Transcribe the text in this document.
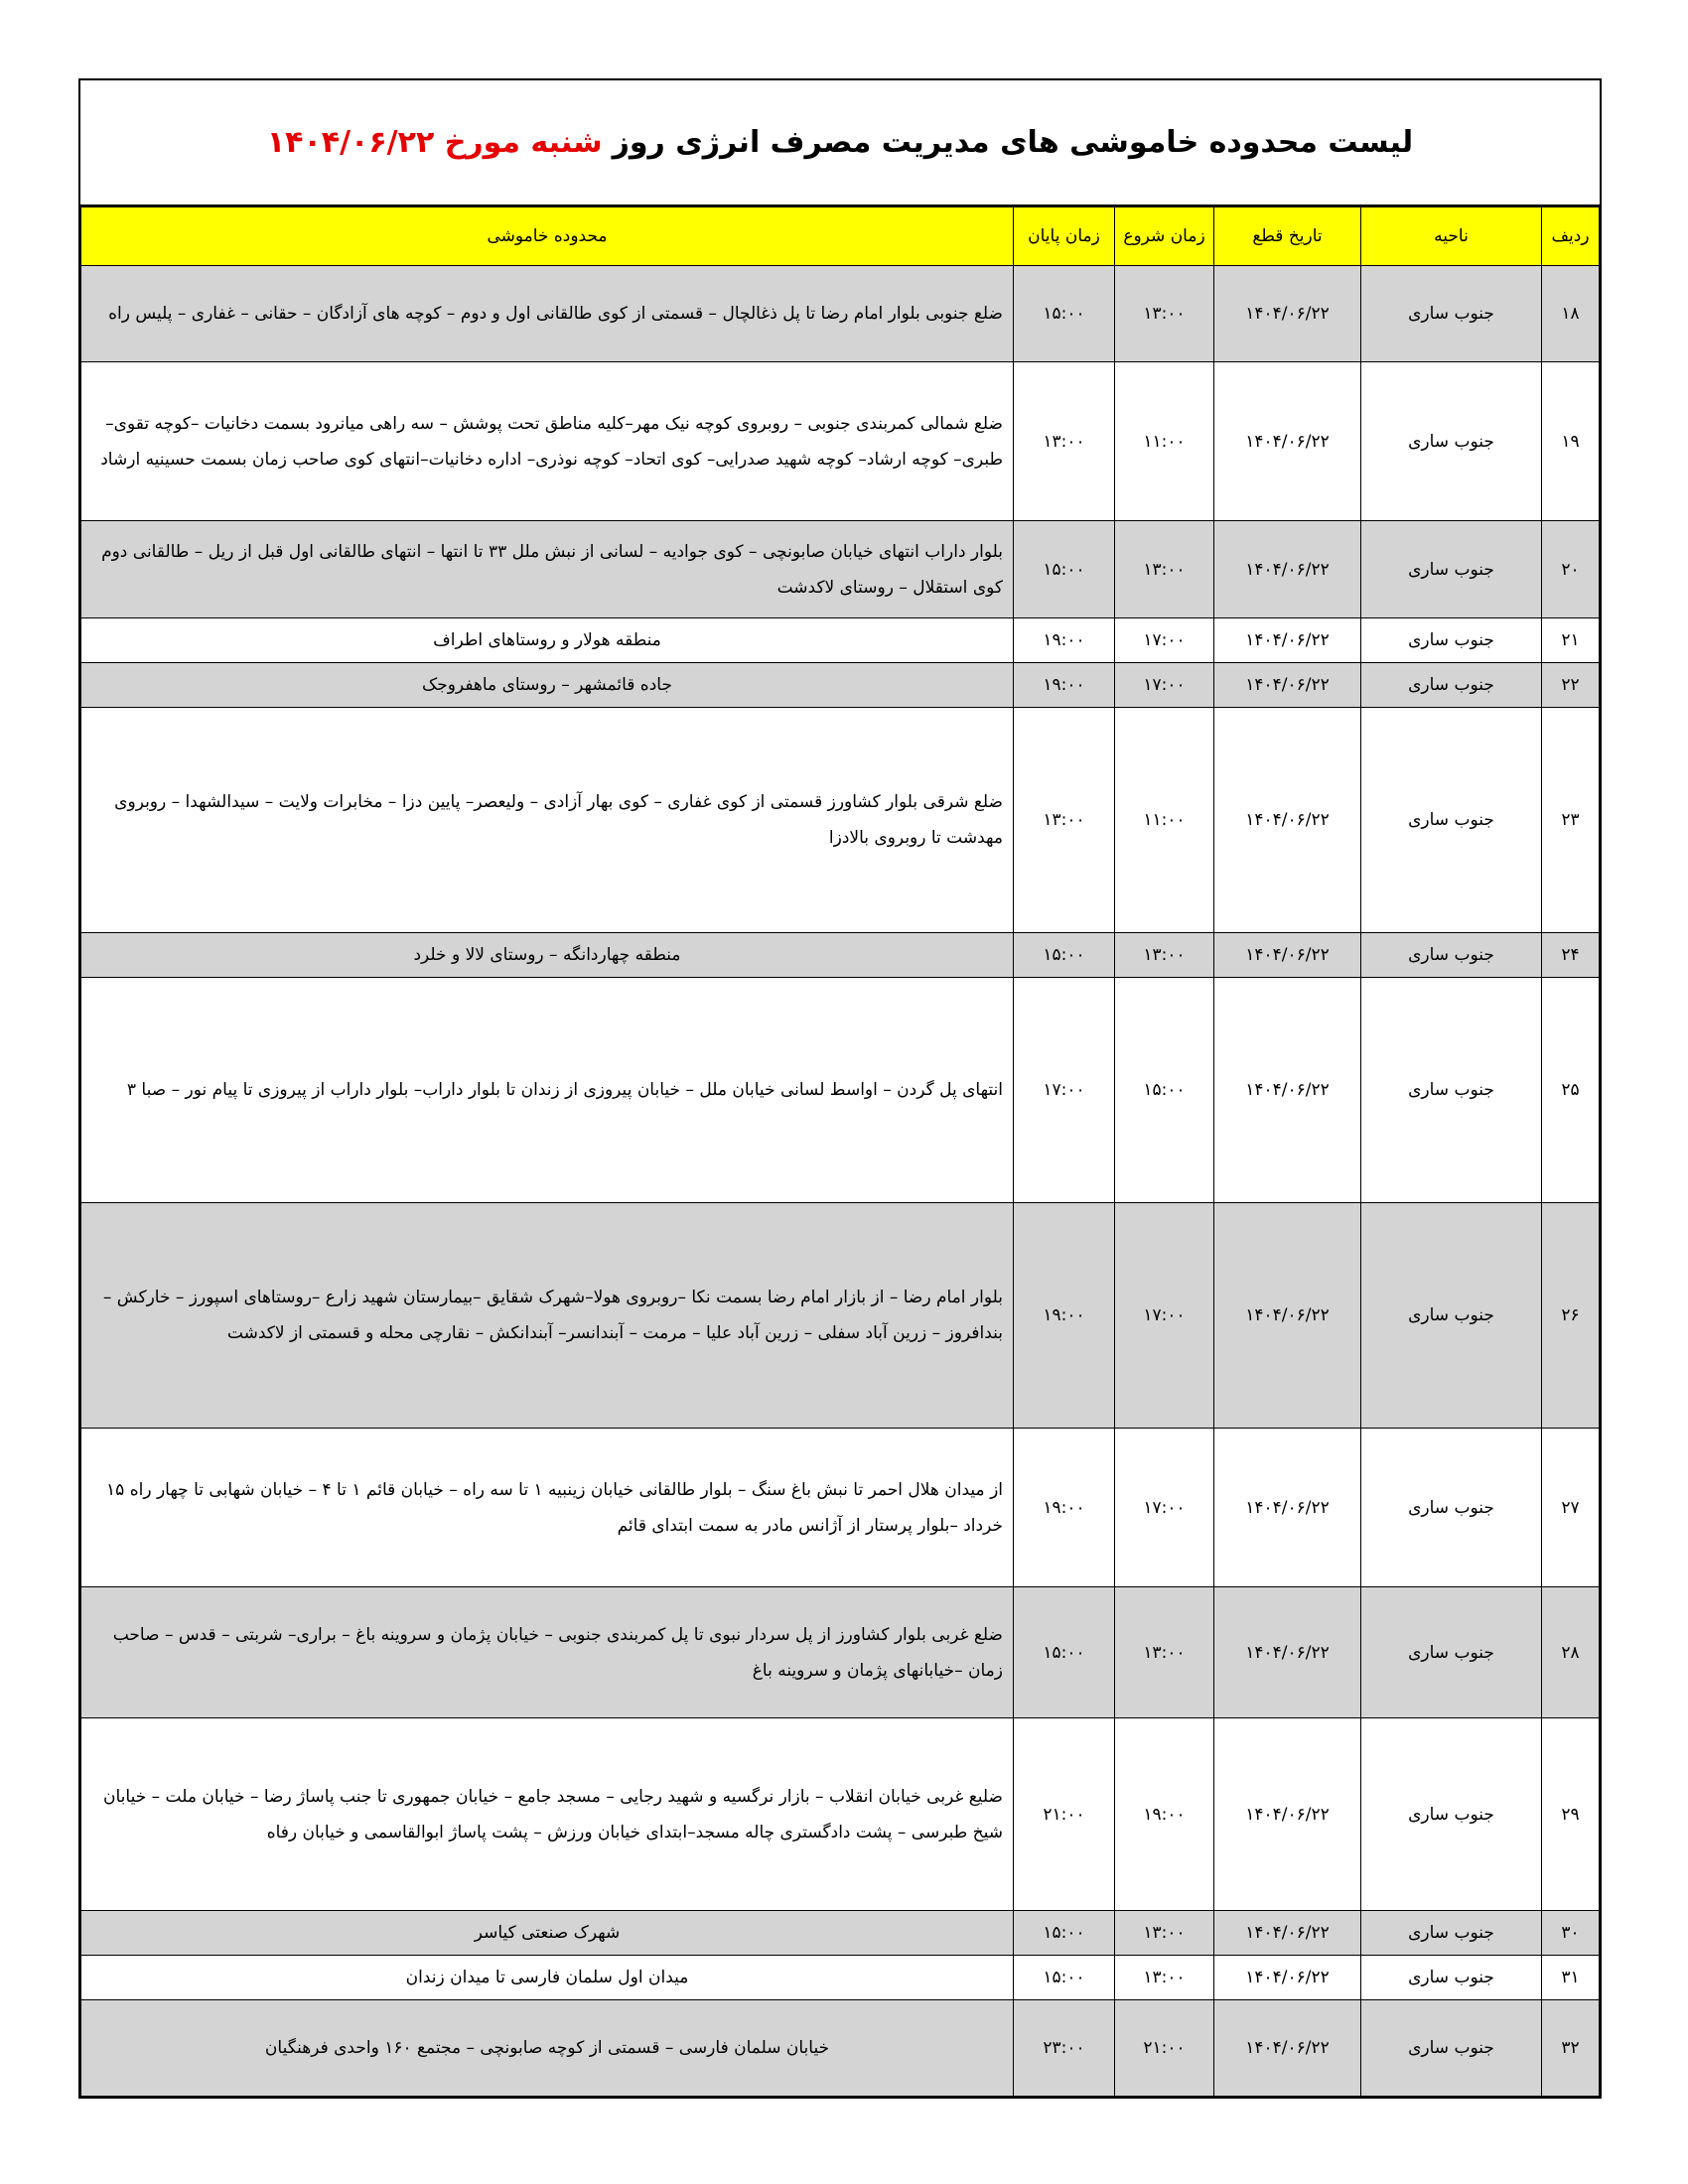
لیست محدوده خاموشی های مدیریت مصرف انرژی روز
شنبه مورخ ۱۴۰۴/۰۶/۲۲
ردیف	ناحیه	تاریخ قطع	زمان شروع	زمان پایان	محدوده خاموشی
۱۸	جنوب ساری	۱۴۰۴/۰۶/۲۲	۱۳:۰۰	۱۵:۰۰	ضلع جنوبی بلوار امام رضا تا پل ذغالچال – قسمتی از کوی طالقانی اول و دوم – کوچه های آزادگان – حقانی – غفاری – پلیس راه
۱۹	جنوب ساری	۱۴۰۴/۰۶/۲۲	۱۱:۰۰	۱۳:۰۰	ضلع شمالی کمربندی جنوبی – روبروی کوچه نیک مهر–کلیه مناطق تحت پوشش – سه راهی میانرود بسمت دخانیات –کوچه تقوی– طبری– کوچه ارشاد– کوچه شهید صدرایی– کوی اتحاد– کوچه نوذری– اداره دخانیات–انتهای کوی صاحب زمان بسمت حسینیه ارشاد
۲۰	جنوب ساری	۱۴۰۴/۰۶/۲۲	۱۳:۰۰	۱۵:۰۰	بلوار داراب انتهای خیابان صابونچی – کوی جوادیه – لسانی از نبش ملل ۳۳ تا انتها – انتهای طالقانی اول قبل از ریل – طالقانی دوم کوی استقلال – روستای لاکدشت
۲۱	جنوب ساری	۱۴۰۴/۰۶/۲۲	۱۷:۰۰	۱۹:۰۰	منطقه هولار و روستاهای اطراف
۲۲	جنوب ساری	۱۴۰۴/۰۶/۲۲	۱۷:۰۰	۱۹:۰۰	جاده قائمشهر – روستای ماهفروجک
۲۳	جنوب ساری	۱۴۰۴/۰۶/۲۲	۱۱:۰۰	۱۳:۰۰	ضلع شرقی بلوار کشاورز قسمتی از کوی غفاری – کوی بهار آزادی – ولیعصر– پایین دزا – مخابرات ولایت – سیدالشهدا – روبروی مهدشت تا روبروی بالادزا
۲۴	جنوب ساری	۱۴۰۴/۰۶/۲۲	۱۳:۰۰	۱۵:۰۰	منطقه چهاردانگه – روستای لالا و خلرد
۲۵	جنوب ساری	۱۴۰۴/۰۶/۲۲	۱۵:۰۰	۱۷:۰۰	انتهای پل گردن – اواسط لسانی خیابان ملل – خیابان پیروزی از زندان تا بلوار داراب– بلوار داراب از پیروزی تا پیام نور – صبا ۳
۲۶	جنوب ساری	۱۴۰۴/۰۶/۲۲	۱۷:۰۰	۱۹:۰۰	بلوار امام رضا – از بازار امام رضا بسمت نکا –روبروی هولا–شهرک شقایق –بیمارستان شهید زارع –روستاهای اسپورز – خارکش – بندافروز – زرین آباد سفلی – زرین آباد علیا – مرمت – آبندانسر– آبندانکش – نقارچی محله و قسمتی از لاکدشت
۲۷	جنوب ساری	۱۴۰۴/۰۶/۲۲	۱۷:۰۰	۱۹:۰۰	از میدان هلال احمر تا نبش باغ سنگ – بلوار طالقانی خیابان زینبیه ۱ تا سه راه – خیابان قائم ۱ تا ۴ – خیابان شهابی تا چهار راه ۱۵ خرداد –بلوار پرستار از آژانس مادر به سمت ابتدای قائم
۲۸	جنوب ساری	۱۴۰۴/۰۶/۲۲	۱۳:۰۰	۱۵:۰۰	ضلع غربی بلوار کشاورز از پل سردار نبوی تا پل کمربندی جنوبی – خیابان پژمان و سروینه باغ – براری– شربتی – قدس – صاحب زمان –خیابانهای پژمان و سروینه باغ
۲۹	جنوب ساری	۱۴۰۴/۰۶/۲۲	۱۹:۰۰	۲۱:۰۰	ضلیع غربی خیابان انقلاب – بازار نرگسیه و شهید رجایی – مسجد جامع – خیابان جمهوری تا جنب پاساژ رضا – خیابان ملت – خیابان شیخ طبرسی – پشت دادگستری چاله مسجد–ابتدای خیابان ورزش – پشت پاساژ ابوالقاسمی و خیابان رفاه
۳۰	جنوب ساری	۱۴۰۴/۰۶/۲۲	۱۳:۰۰	۱۵:۰۰	شهرک صنعتی کیاسر
۳۱	جنوب ساری	۱۴۰۴/۰۶/۲۲	۱۳:۰۰	۱۵:۰۰	میدان اول سلمان فارسی تا میدان زندان
۳۲	جنوب ساری	۱۴۰۴/۰۶/۲۲	۲۱:۰۰	۲۳:۰۰	خیابان سلمان فارسی – قسمتی از کوچه صابونچی – مجتمع ۱۶۰ واحدی فرهنگیان
